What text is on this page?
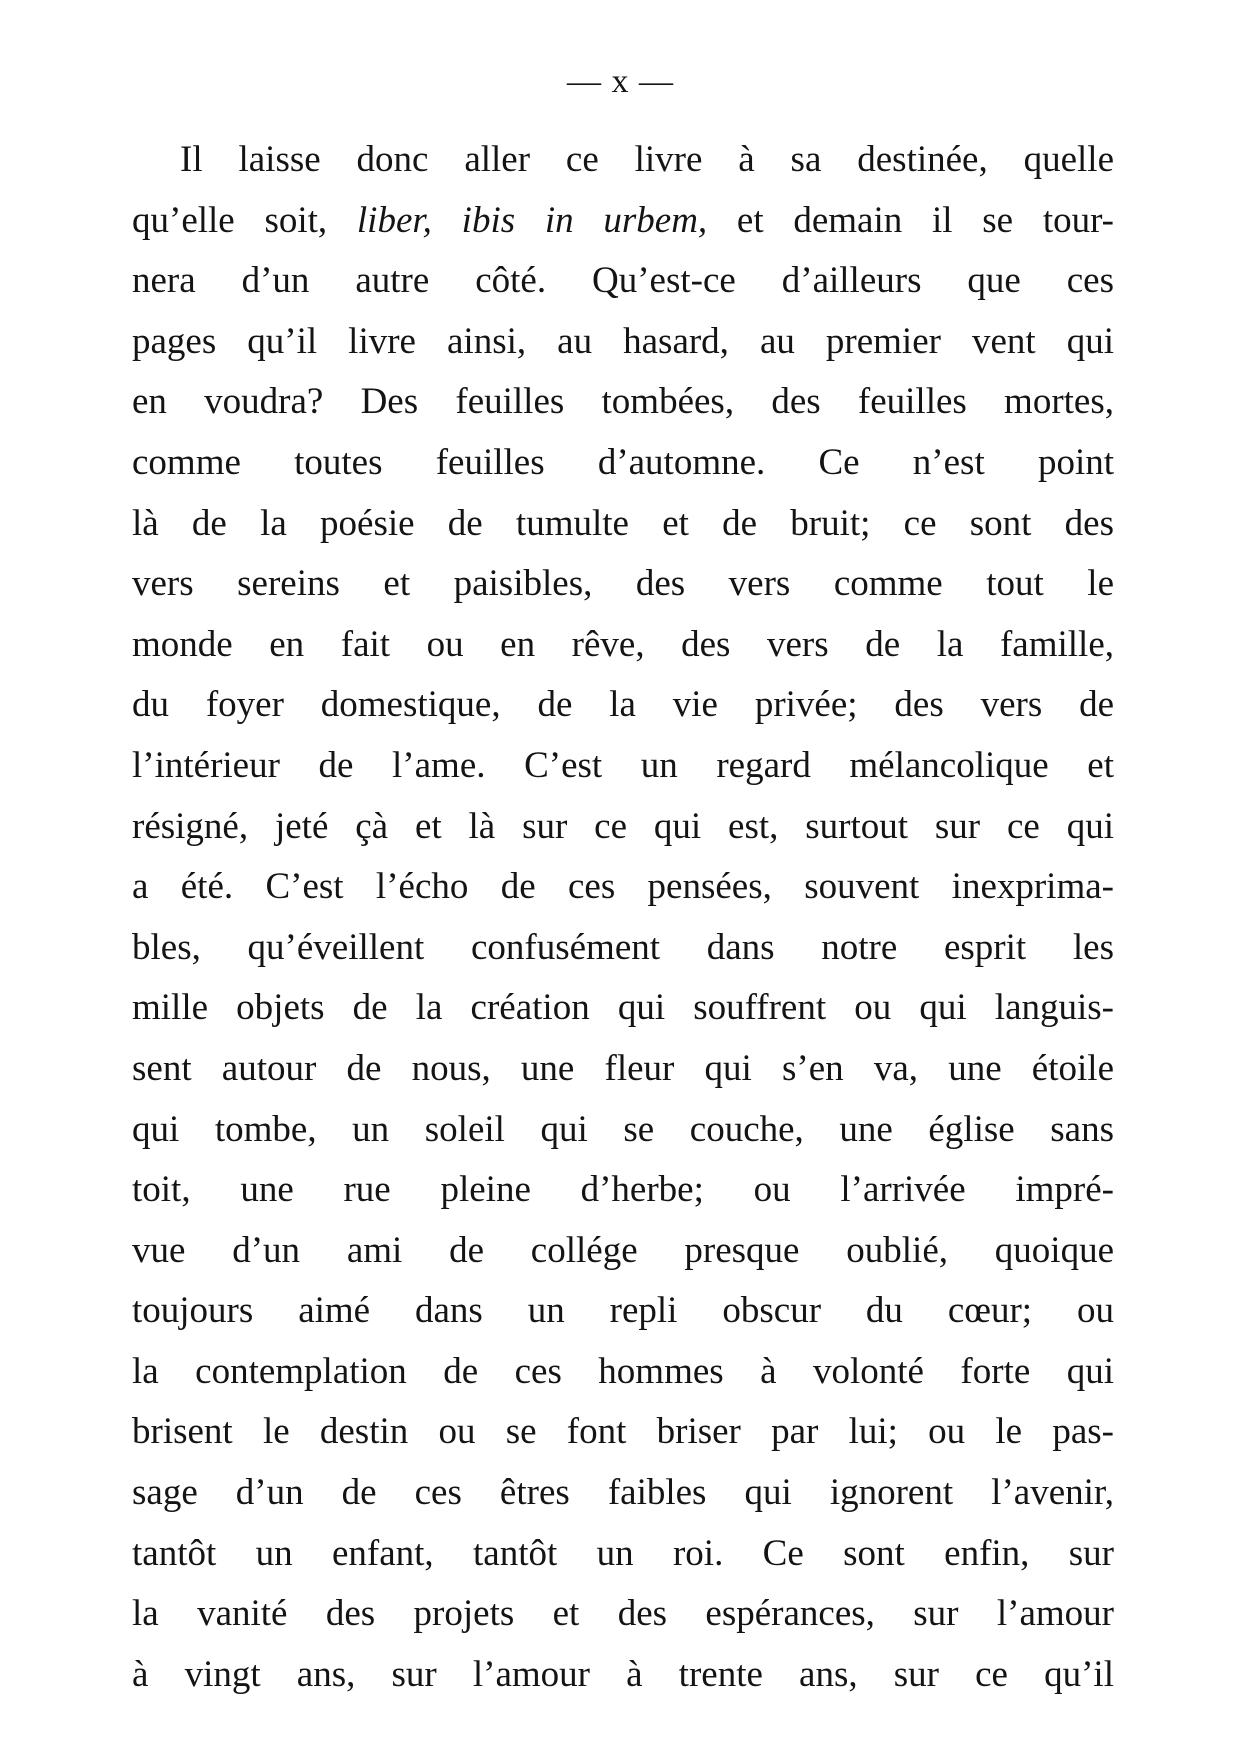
— x —
Il laisse donc aller ce livre à sa destinée, quelle
qu’elle soit, liber, ibis in urbem, et demain il se tour-
nera d’un autre côté. Qu’est-ce d’ailleurs que ces
pages qu’il livre ainsi, au hasard, au premier vent qui
en voudra? Des feuilles tombées, des feuilles mortes,
comme toutes feuilles d’automne. Ce n’est point
là de la poésie de tumulte et de bruit; ce sont des
vers sereins et paisibles, des vers comme tout le
monde en fait ou en rêve, des vers de la famille,
du foyer domestique, de la vie privée; des vers de
l’intérieur de l’ame. C’est un regard mélancolique et
résigné, jeté çà et là sur ce qui est, surtout sur ce qui
a été. C’est l’écho de ces pensées, souvent inexprima-
bles, qu’éveillent confusément dans notre esprit les
mille objets de la création qui souffrent ou qui languis-
sent autour de nous, une fleur qui s’en va, une étoile
qui tombe, un soleil qui se couche, une église sans
toit, une rue pleine d’herbe; ou l’arrivée impré-
vue d’un ami de collége presque oublié, quoique
toujours aimé dans un repli obscur du cœur; ou
la contemplation de ces hommes à volonté forte qui
brisent le destin ou se font briser par lui; ou le pas-
sage d’un de ces êtres faibles qui ignorent l’avenir,
tantôt un enfant, tantôt un roi. Ce sont enfin, sur
la vanité des projets et des espérances, sur l’amour
à vingt ans, sur l’amour à trente ans, sur ce qu’il
